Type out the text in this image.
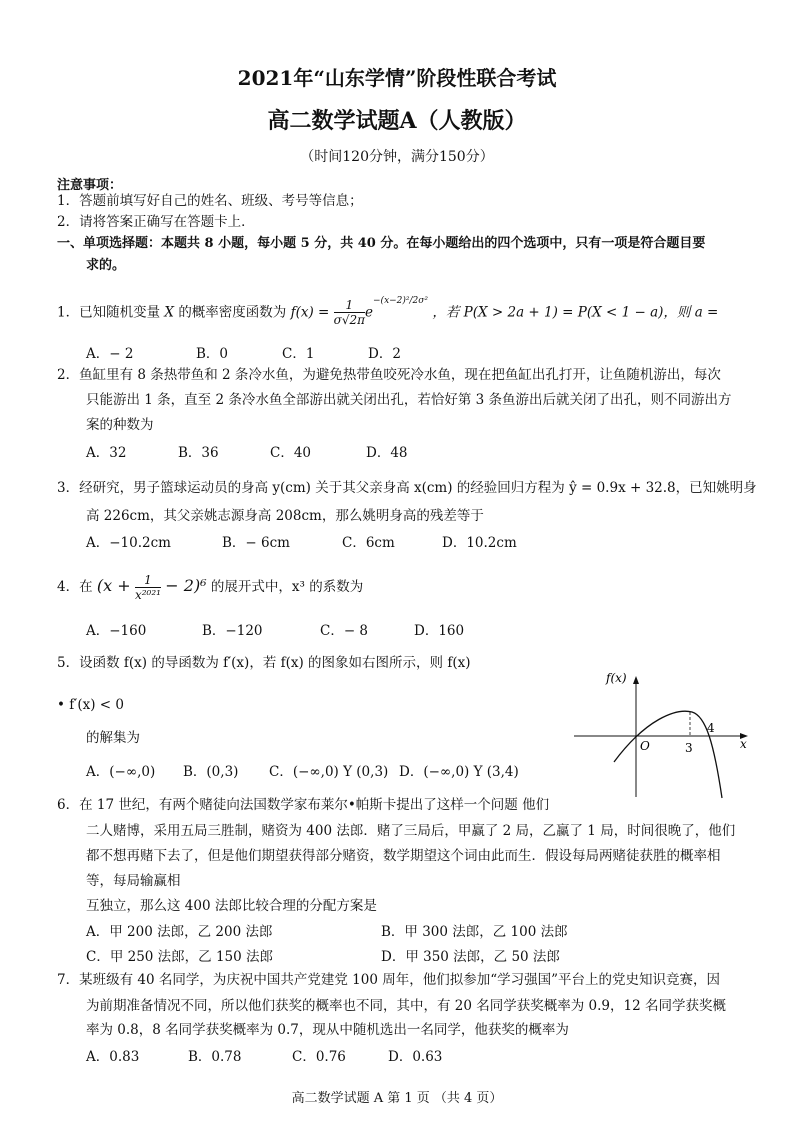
2021年“山东学情”阶段性联合考试
高二数学试题A（人教版）
（时间120分钟，满分150分）
注意事项：
1．答题前填写好自己的姓名、班级、考号等信息；
2．请将答案正确写在答题卡上．
一、单项选择题：本题共 8 小题，每小题 5 分，共 40 分。在每小题给出的四个选项中，只有一项是符合题目要
求的。
1．已知随机变量 X 的概率密度函数为 $f(x) = \frac{1}{\sigma√2\pi} e^{-(x-2)^2/2\sigma^2}$ ，若 P(X > 2a + 1) = P(X < 1 − a)，则 a =
A．− 2	B．0	C．1	D．2
2．鱼缸里有 8 条热带鱼和 2 条冷水鱼，为避免热带鱼咬死冷水鱼，现在把鱼缸出孔打开，让鱼随机游出，每次
只能游出 1 条，直至 2 条冷水鱼全部游出就关闭出孔，若恰好第 3 条鱼游出后就关闭了出孔，则不同游出方
案的种数为
A．32	B．36	C．40	D．48
3．经研究，男子篮球运动员的身高 y(cm) 关于其父亲身高 x(cm) 的经验回归方程为 ŷ = 0.9x + 32.8，已知姚明身
高 226cm，其父亲姚志源身高 208cm，那么姚明身高的残差等于
A．−10.2cm	B．− 6cm	C．6cm	D．10.2cm
4．在 $(x + \frac{1}{\text{x²⁰²¹}} - 2)^6$ 的展开式中，x³ 的系数为
A．−160	B．−120	C．− 8	D．160
5．设函数 f(x) 的导函数为 f′(x)，若 f(x) 的图象如右图所示，则 f(x)
• f′(x) < 0
的解集为
A．(−∞,0) B．(0,3) C．(−∞,0) Y (0,3) D．(−∞,0) Y (3,4)
f(x)
x
O	3
4
6．在 17 世纪，有两个赌徒向法国数学家布莱尔•帕斯卡提出了这样一个问题 他们
二人赌博，采用五局三胜制，赌资为 400 法郎．赌了三局后，甲赢了 2 局，乙赢了 1 局，时间很晚了，他们
都不想再赌下去了，但是他们期望获得部分赌资，数学期望这个词由此而生．假设每局两赌徒获胜的概率相
等，每局输赢相
互独立，那么这 400 法郎比较合理的分配方案是
A．甲 200 法郎，乙 200 法郎	B．甲 300 法郎，乙 100 法郎
C．甲 250 法郎，乙 150 法郎	D．甲 350 法郎，乙 50 法郎
7．某班级有 40 名同学，为庆祝中国共产党建党 100 周年，他们拟参加“学习强国”平台上的党史知识竞赛，因
为前期准备情况不同，所以他们获奖的概率也不同，其中，有 20 名同学获奖概率为 0.9，12 名同学获奖概
率为 0.8，8 名同学获奖概率为 0.7，现从中随机选出一名同学，他获奖的概率为
A．0.83	B．0.78	C．0.76	D．0.63
高二数学试题 A 第 1 页 （共 4 页）
